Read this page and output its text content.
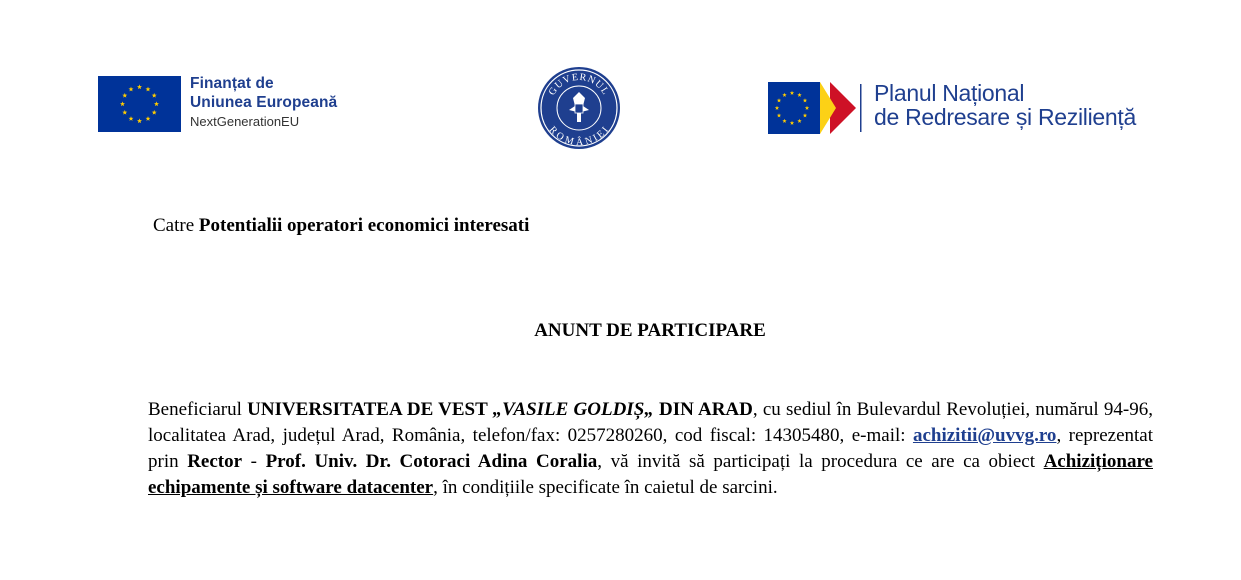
Finanțat de
Uniunea Europeană
NextGenerationEU
GUVERNUL
ROMÂNIEI
Planul Național
de Redresare și Reziliență
Catre Potentialii operatori economici interesati
ANUNT DE PARTICIPARE
Beneficiarul UNIVERSITATEA DE VEST „VASILE GOLDIȘ„ DIN ARAD, cu sediul în Bulevardul Revoluției, numărul 94-96, localitatea Arad, județul Arad, România, telefon/fax: 0257280260, cod fiscal: 14305480, e-mail: achizitii@uvvg.ro, reprezentat prin Rector - Prof. Univ. Dr. Cotoraci Adina Coralia, vă invită să participați la procedura ce are ca obiect Achiziționare echipamente și software datacenter, în condițiile specificate în caietul de sarcini.
